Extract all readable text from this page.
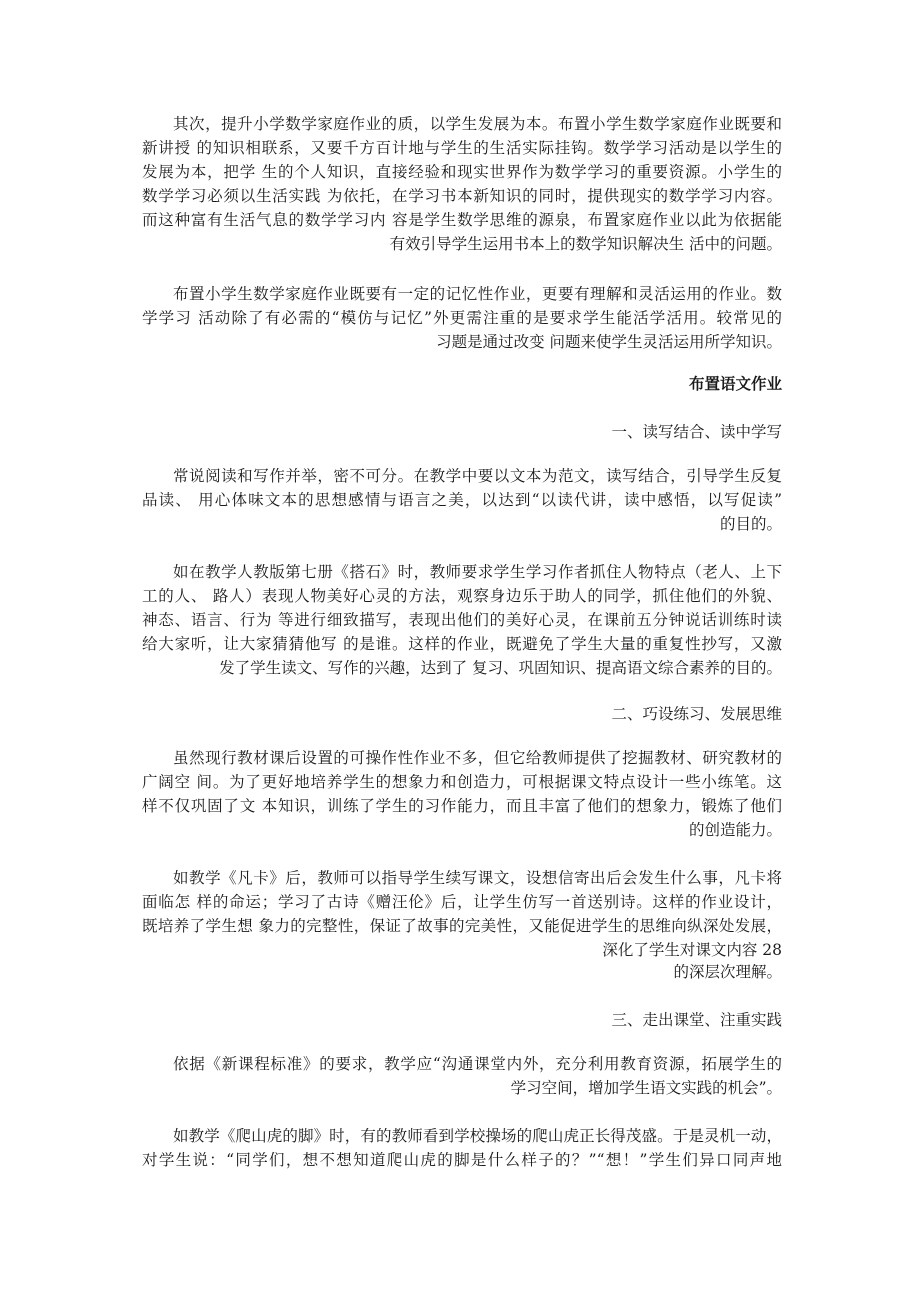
其次，提升小学数学家庭作业的质，以学生发展为本。布置小学生数学家庭作业既要和
新讲授 的知识相联系，又要千方百计地与学生的生活实际挂钩。数学学习活动是以学生的
发展为本，把学 生的个人知识，直接经验和现实世界作为数学学习的重要资源。小学生的
数学学习必须以生活实践 为依托，在学习书本新知识的同时，提供现实的数学学习内容。
而这种富有生活气息的数学学习内 容是学生数学思维的源泉，布置家庭作业以此为依据能
有效引导学生运用书本上的数学知识解决生 活中的问题。
布置小学生数学家庭作业既要有一定的记忆性作业，更要有理解和灵活运用的作业。数
学学习 活动除了有必需的“模仿与记忆”外更需注重的是要求学生能活学活用。较常见的
习题是通过改变 问题来使学生灵活运用所学知识。
布置语文作业
一、读写结合、读中学写
常说阅读和写作并举，密不可分。在教学中要以文本为范文，读写结合，引导学生反复
品读、 用心体味文本的思想感情与语言之美，以达到“以读代讲，读中感悟，以写促读”
的目的。
如在教学人教版第七册《搭石》时，教师要求学生学习作者抓住人物特点（老人、上下
工的人、 路人）表现人物美好心灵的方法，观察身边乐于助人的同学，抓住他们的外貌、
神态、语言、行为 等进行细致描写，表现出他们的美好心灵，在课前五分钟说话训练时读
给大家听，让大家猜猜他写 的是谁。这样的作业，既避免了学生大量的重复性抄写，又激
发了学生读文、写作的兴趣，达到了 复习、巩固知识、提高语文综合素养的目的。
二、巧设练习、发展思维
虽然现行教材课后设置的可操作性作业不多，但它给教师提供了挖掘教材、研究教材的
广阔空 间。为了更好地培养学生的想象力和创造力，可根据课文特点设计一些小练笔。这
样不仅巩固了文 本知识，训练了学生的习作能力，而且丰富了他们的想象力，锻炼了他们
的创造能力。
如教学《凡卡》后，教师可以指导学生续写课文，设想信寄出后会发生什么事，凡卡将
面临怎 样的命运；学习了古诗《赠汪伦》后，让学生仿写一首送别诗。这样的作业设计，
既培养了学生想 象力的完整性，保证了故事的完美性，又能促进学生的思维向纵深处发展，
深化了学生对课文内容 28
的深层次理解。
三、走出课堂、注重实践
依据《新课程标准》的要求，教学应“沟通课堂内外，充分利用教育资源，拓展学生的
学习空间，增加学生语文实践的机会”。
如教学《爬山虎的脚》时，有的教师看到学校操场的爬山虎正长得茂盛。于是灵机一动，
对学生说：“同学们，想不想知道爬山虎的脚是什么样子的？”“想！”学生们异口同声地
